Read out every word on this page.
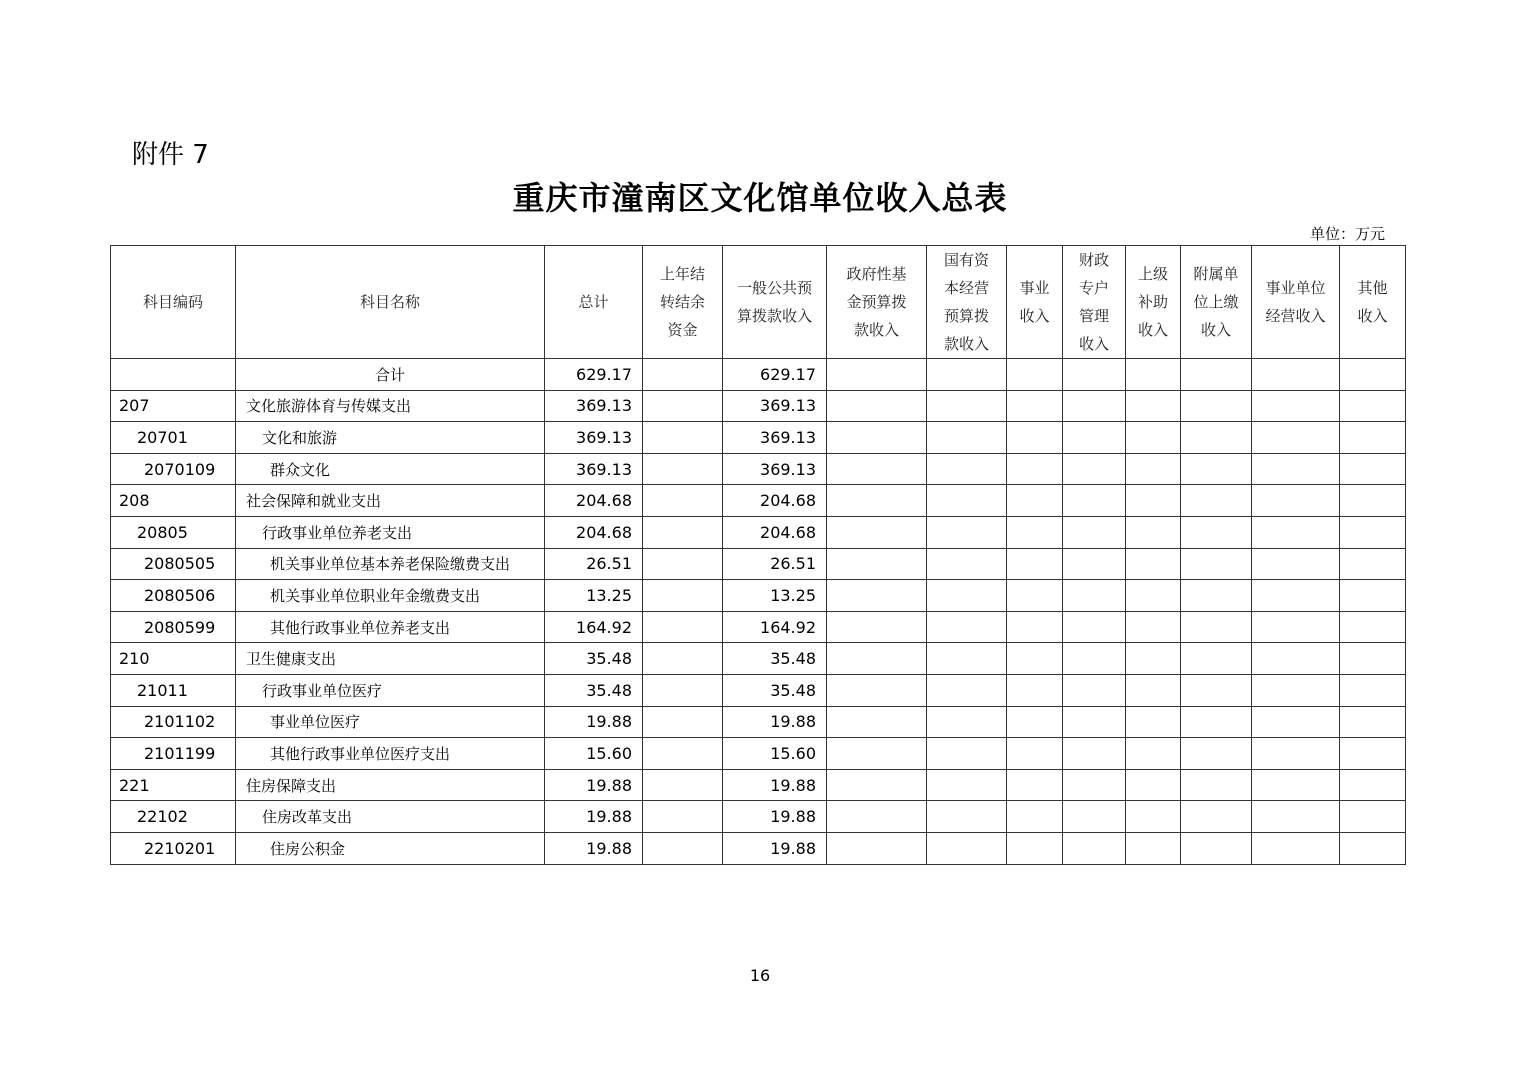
附件 7
重庆市潼南区文化馆单位收入总表
单位：万元
科目编码	科目名称	总计	上年结转结余资金	一般公共预算拨款收入	政府性基金预算拨款收入	国有资本经营预算拨款收入	事业收入	财政专户管理收入	上级补助收入	附属单位上缴收入	事业单位经营收入	其他收入

	合计	629.17		629.17								
207	文化旅游体育与传媒支出	369.13		369.13								
20701	文化和旅游	369.13		369.13								
2070109	群众文化	369.13		369.13								
208	社会保障和就业支出	204.68		204.68								
20805	行政事业单位养老支出	204.68		204.68								
2080505	机关事业单位基本养老保险缴费支出	26.51		26.51								
2080506	机关事业单位职业年金缴费支出	13.25		13.25								
2080599	其他行政事业单位养老支出	164.92		164.92								
210	卫生健康支出	35.48		35.48								
21011	行政事业单位医疗	35.48		35.48								
2101102	事业单位医疗	19.88		19.88								
2101199	其他行政事业单位医疗支出	15.60		15.60								
221	住房保障支出	19.88		19.88								
22102	住房改革支出	19.88		19.88								
2210201	住房公积金	19.88		19.88								
16
